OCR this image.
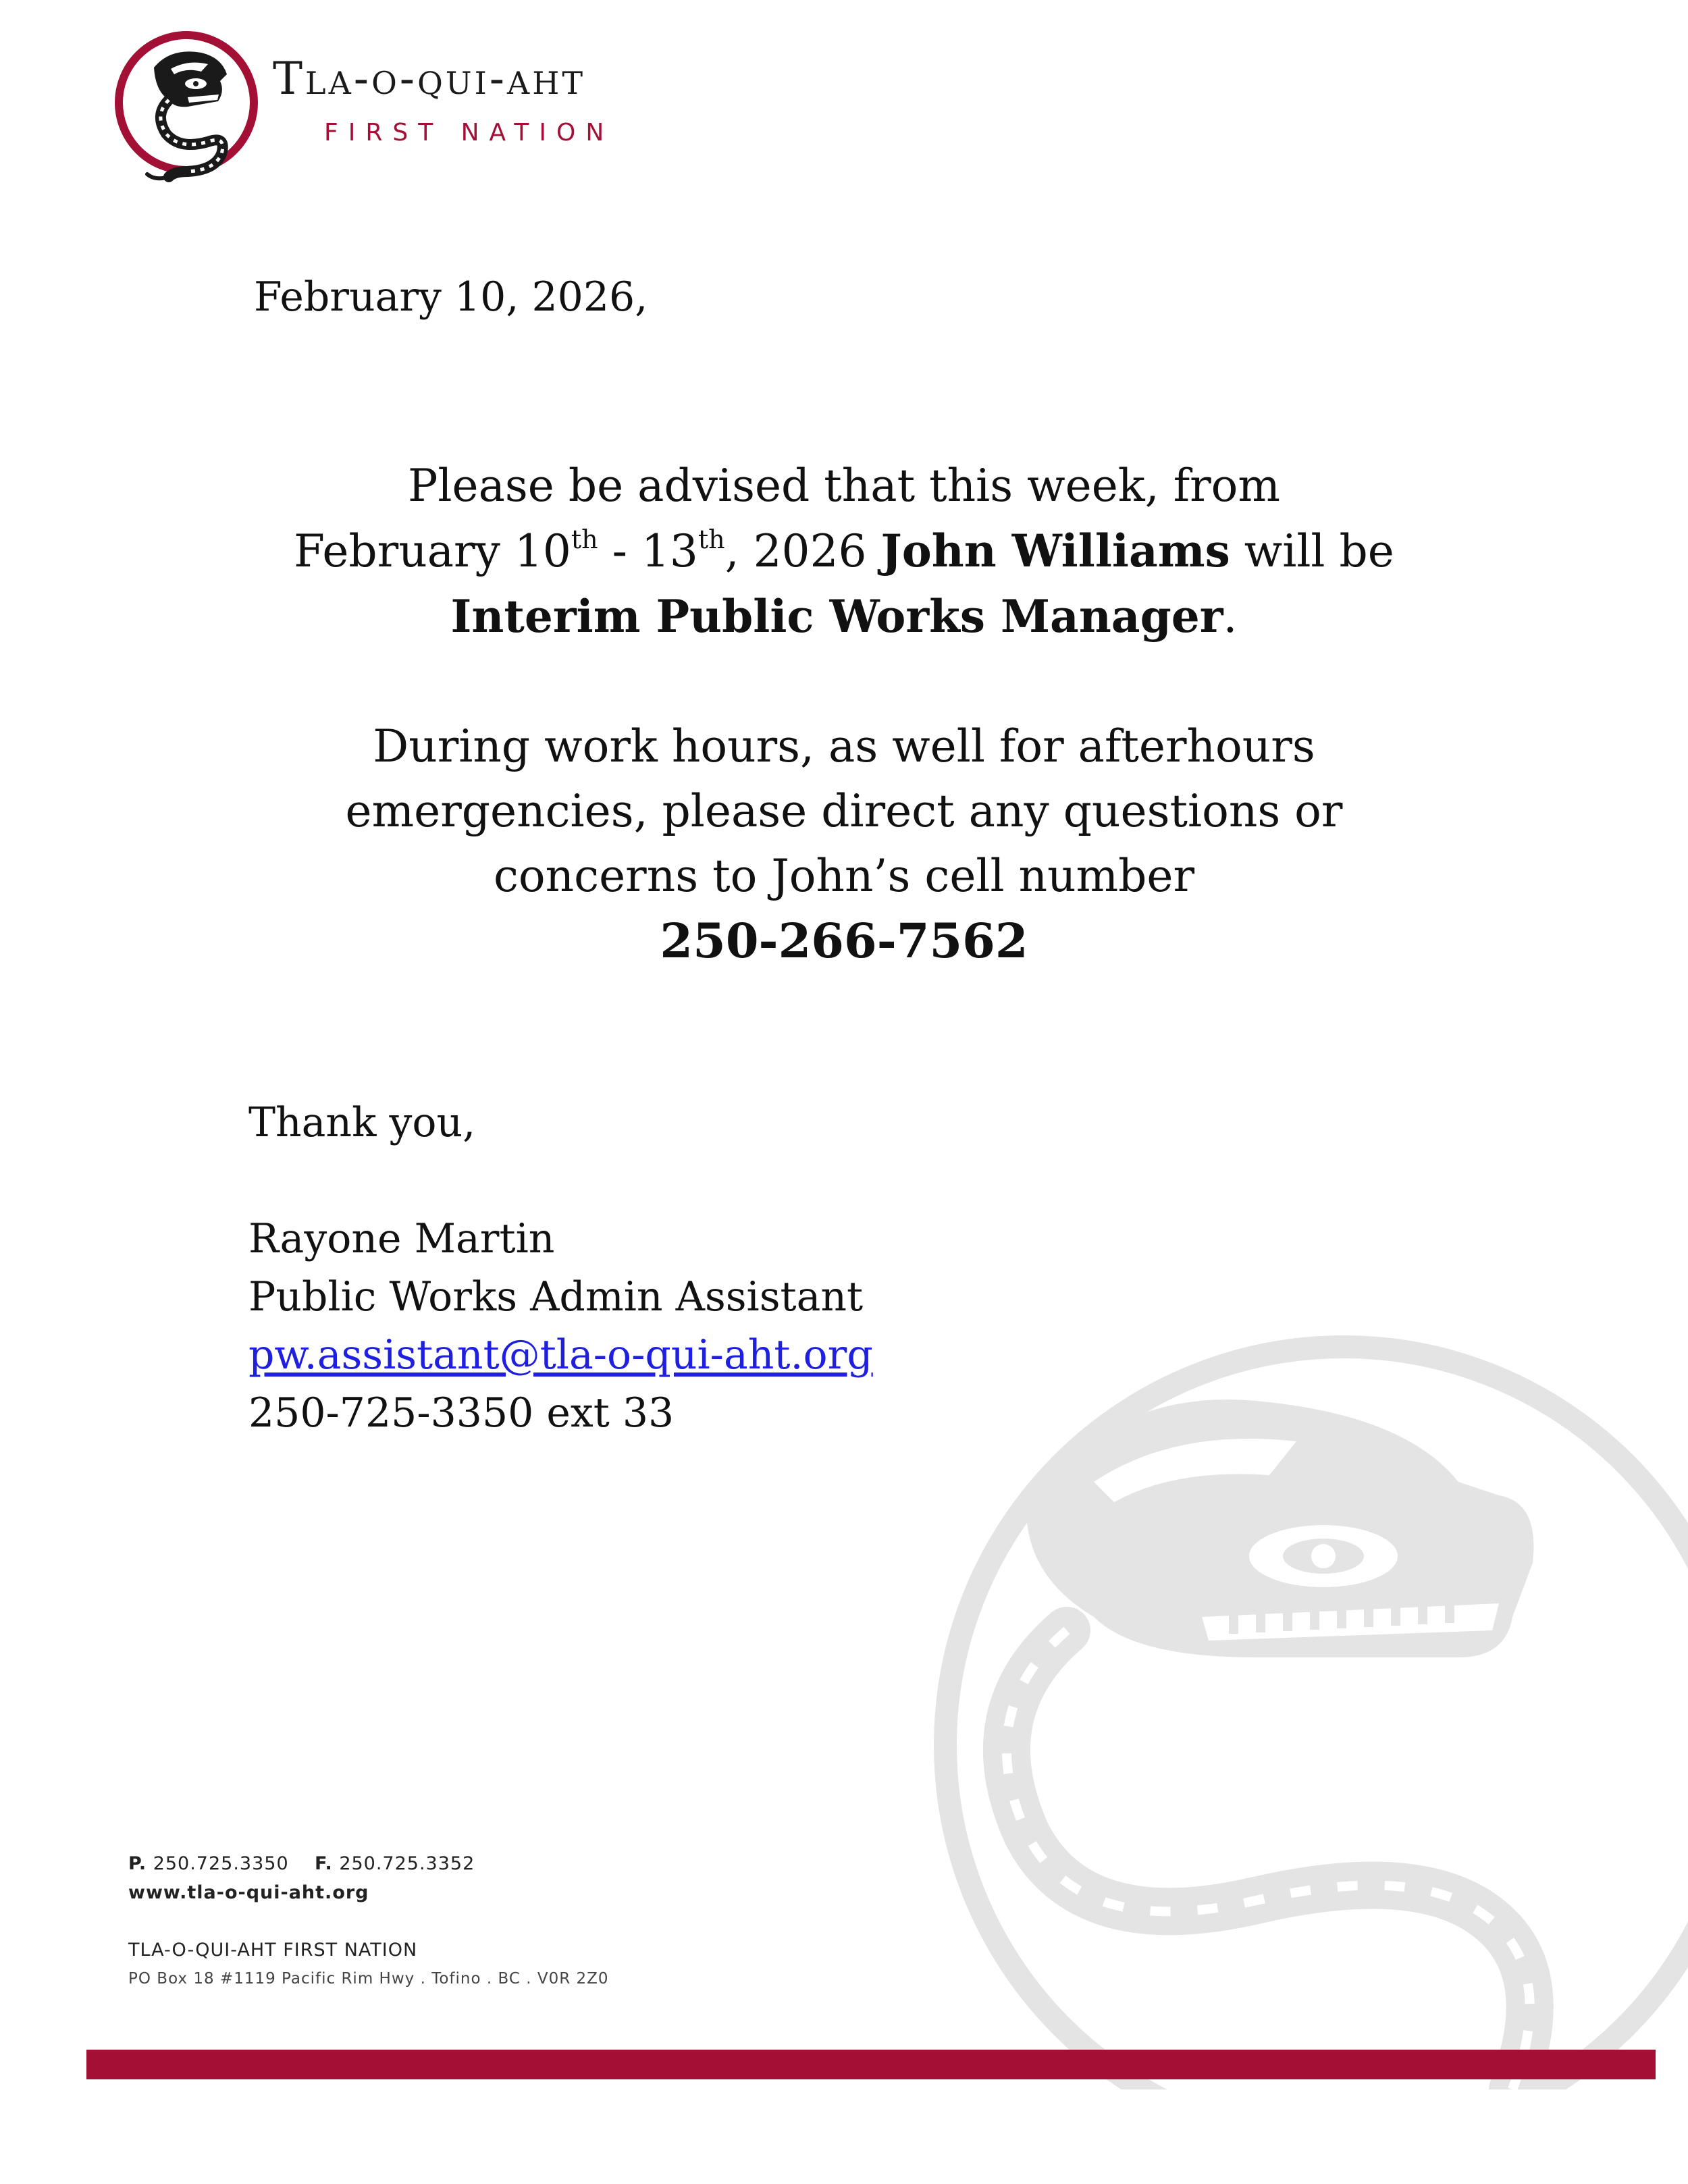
Tla-o-qui-aht
FIRST NATION
February 10, 2026,

Please be advised that this week, from

February 10th - 13th, 2026 John Williams will be

Interim Public Works Manager.

During work hours, as well for afterhours

emergencies, please direct any questions or

concerns to John’s cell number

250-266-7562

Thank you,

Rayone Martin

Public Works Admin Assistant

pw.assistant@tla-o-qui-aht.org

250-725-3350 ext 33

P. 250.725.3350 F. 250.725.3352
www.tla-o-qui-aht.org
TLA-O-QUI-AHT FIRST NATION
PO Box 18 #1119 Pacific Rim Hwy . Tofino . BC . V0R 2Z0
